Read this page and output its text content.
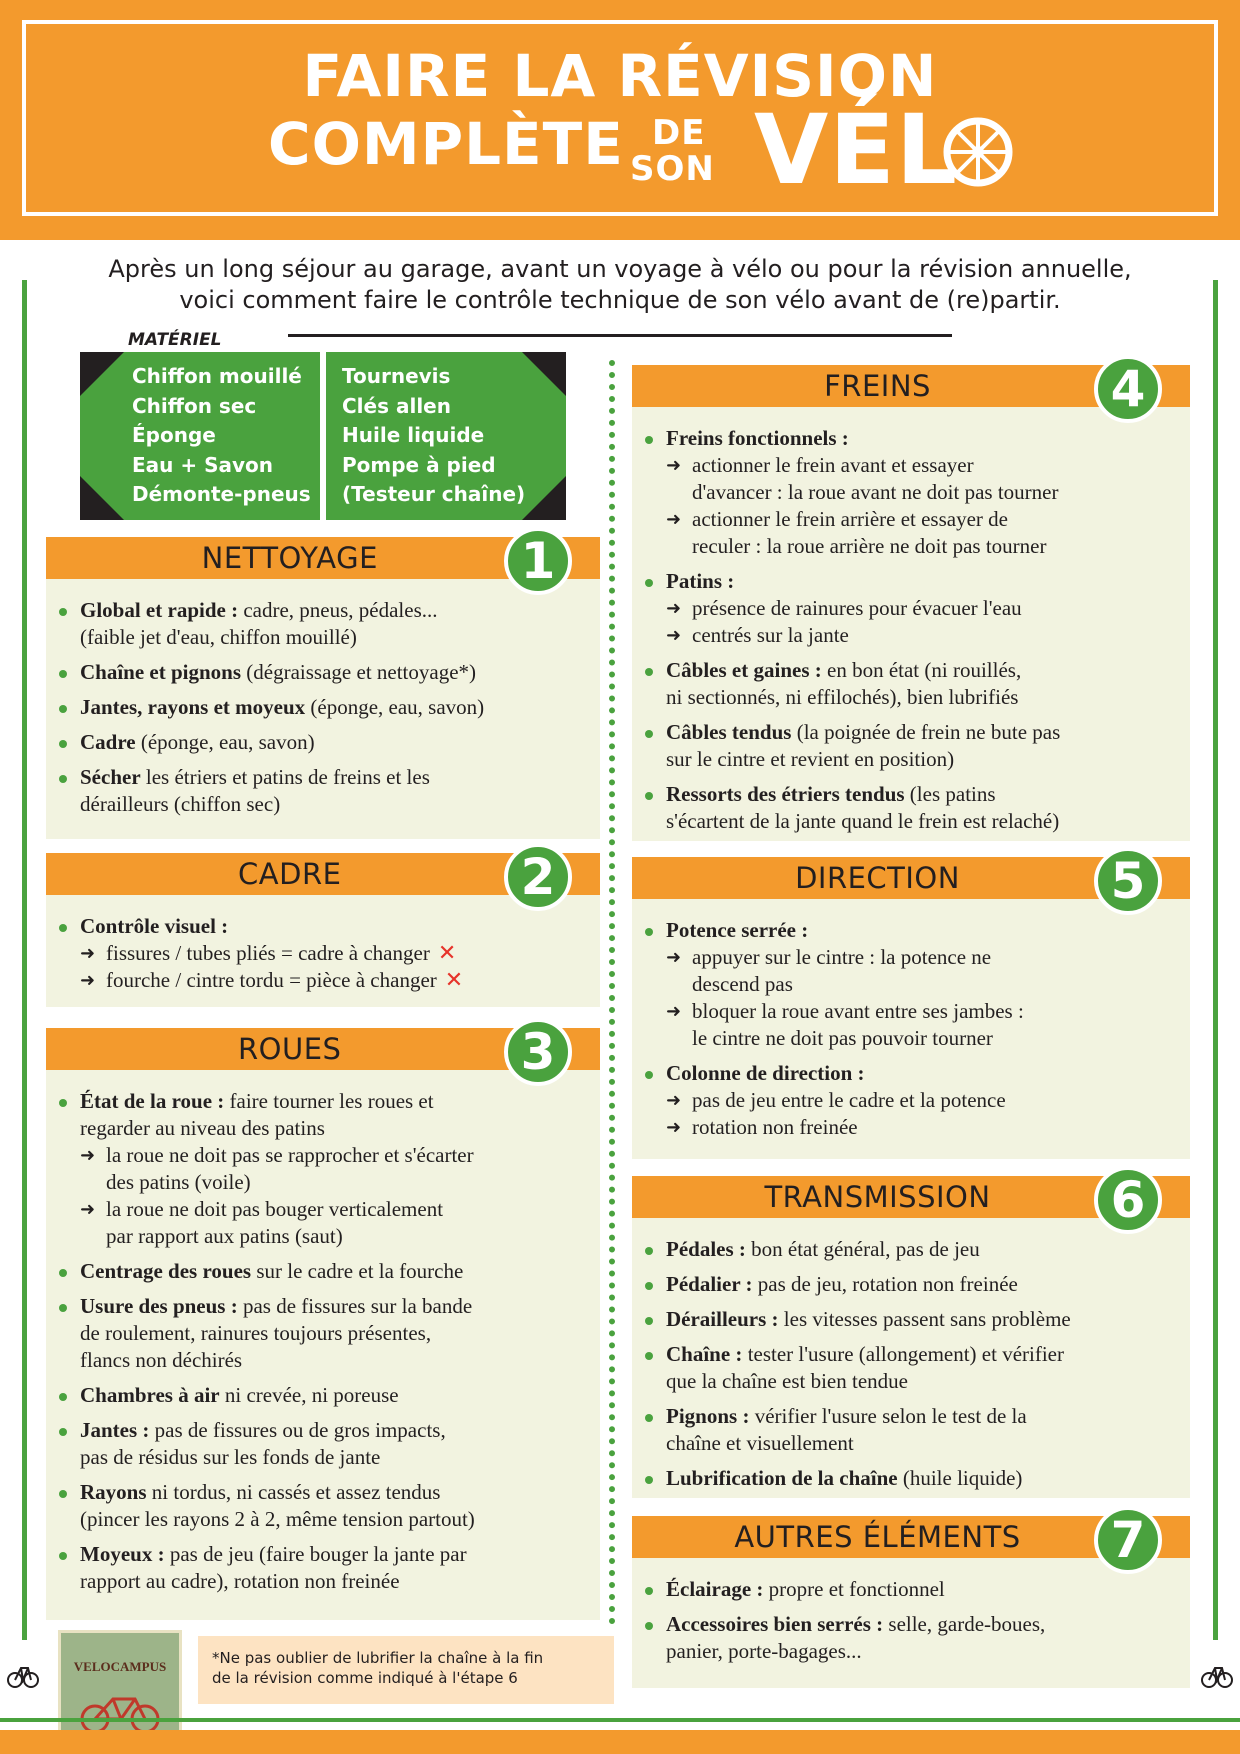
FAIRE LA RÉVISION
COMPLÈTE DE
SON VÉL
Après un long séjour au garage, avant un voyage à vélo ou pour la révision annuelle,
voici comment faire le contrôle technique de son vélo avant de (re)partir.
MATÉRIEL
Chiffon mouillé
Chiffon sec
Éponge
Eau + Savon
Démonte-pneus
Tournevis
Clés allen
Huile liquide
Pompe à pied
(Testeur chaîne)
NETTOYAGE	1
Global et rapide : cadre, pneus, pédales...
(faible jet d'eau, chiffon mouillé)
Chaîne et pignons (dégraissage et nettoyage*)
Jantes, rayons et moyeux (éponge, eau, savon)
Cadre (éponge, eau, savon)
Sécher les étriers et patins de freins et les
dérailleurs (chiffon sec)
CADRE	2
Contrôle visuel :
➜ fissures / tubes pliés = cadre à changer ✕
➜ fourche / cintre tordu = pièce à changer ✕
ROUES	3
État de la roue : faire tourner les roues et
regarder au niveau des patins
➜ la roue ne doit pas se rapprocher et s'écarter
des patins (voile)
➜ la roue ne doit pas bouger verticalement
par rapport aux patins (saut)
Centrage des roues sur le cadre et la fourche
Usure des pneus : pas de fissures sur la bande
de roulement, rainures toujours présentes,
flancs non déchirés
Chambres à air ni crevée, ni poreuse
Jantes : pas de fissures ou de gros impacts,
pas de résidus sur les fonds de jante
Rayons ni tordus, ni cassés et assez tendus
(pincer les rayons 2 à 2, même tension partout)
Moyeux : pas de jeu (faire bouger la jante par
rapport au cadre), rotation non freinée
FREINS	4
Freins fonctionnels :
➜ actionner le frein avant et essayer
d'avancer : la roue avant ne doit pas tourner
➜ actionner le frein arrière et essayer de
reculer : la roue arrière ne doit pas tourner
Patins :
➜ présence de rainures pour évacuer l'eau
➜ centrés sur la jante
Câbles et gaines : en bon état (ni rouillés,
ni sectionnés, ni effilochés), bien lubrifiés
Câbles tendus (la poignée de frein ne bute pas
sur le cintre et revient en position)
Ressorts des étriers tendus (les patins
s'écartent de la jante quand le frein est relaché)
DIRECTION	5
Potence serrée :
➜ appuyer sur le cintre : la potence ne
descend pas
➜ bloquer la roue avant entre ses jambes :
le cintre ne doit pas pouvoir tourner
Colonne de direction :
➜ pas de jeu entre le cadre et la potence
➜ rotation non freinée
TRANSMISSION	6
Pédales : bon état général, pas de jeu
Pédalier : pas de jeu, rotation non freinée
Dérailleurs : les vitesses passent sans problème
Chaîne : tester l'usure (allongement) et vérifier
que la chaîne est bien tendue
Pignons : vérifier l'usure selon le test de la
chaîne et visuellement
Lubrification de la chaîne (huile liquide)
AUTRES ÉLÉMENTS	7
Éclairage : propre et fonctionnel
Accessoires bien serrés : selle, garde-boues,
panier, porte-bagages...
VELOCAMPUS	*Ne pas oublier de lubrifier la chaîne à la fin
de la révision comme indiqué à l'étape 6
